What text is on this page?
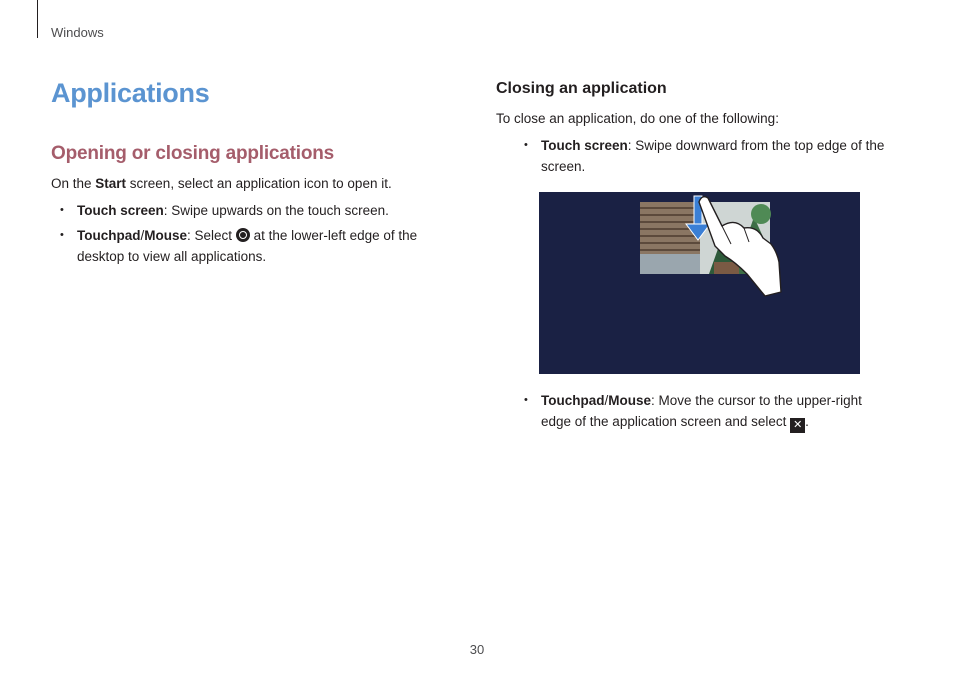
Windows
Applications
Opening or closing applications

On the Start screen, select an application icon to open it.

• Touch screen: Swipe upwards on the touch screen.
• Touchpad/Mouse: Select  at the lower-left edge of the
desktop to view all applications.
Closing an application

To close an application, do one of the following:

• Touch screen: Swipe downward from the top edge of the
screen.
• Touchpad/Mouse: Move the cursor to the upper-right
edge of the application screen and select ✕ .
30
